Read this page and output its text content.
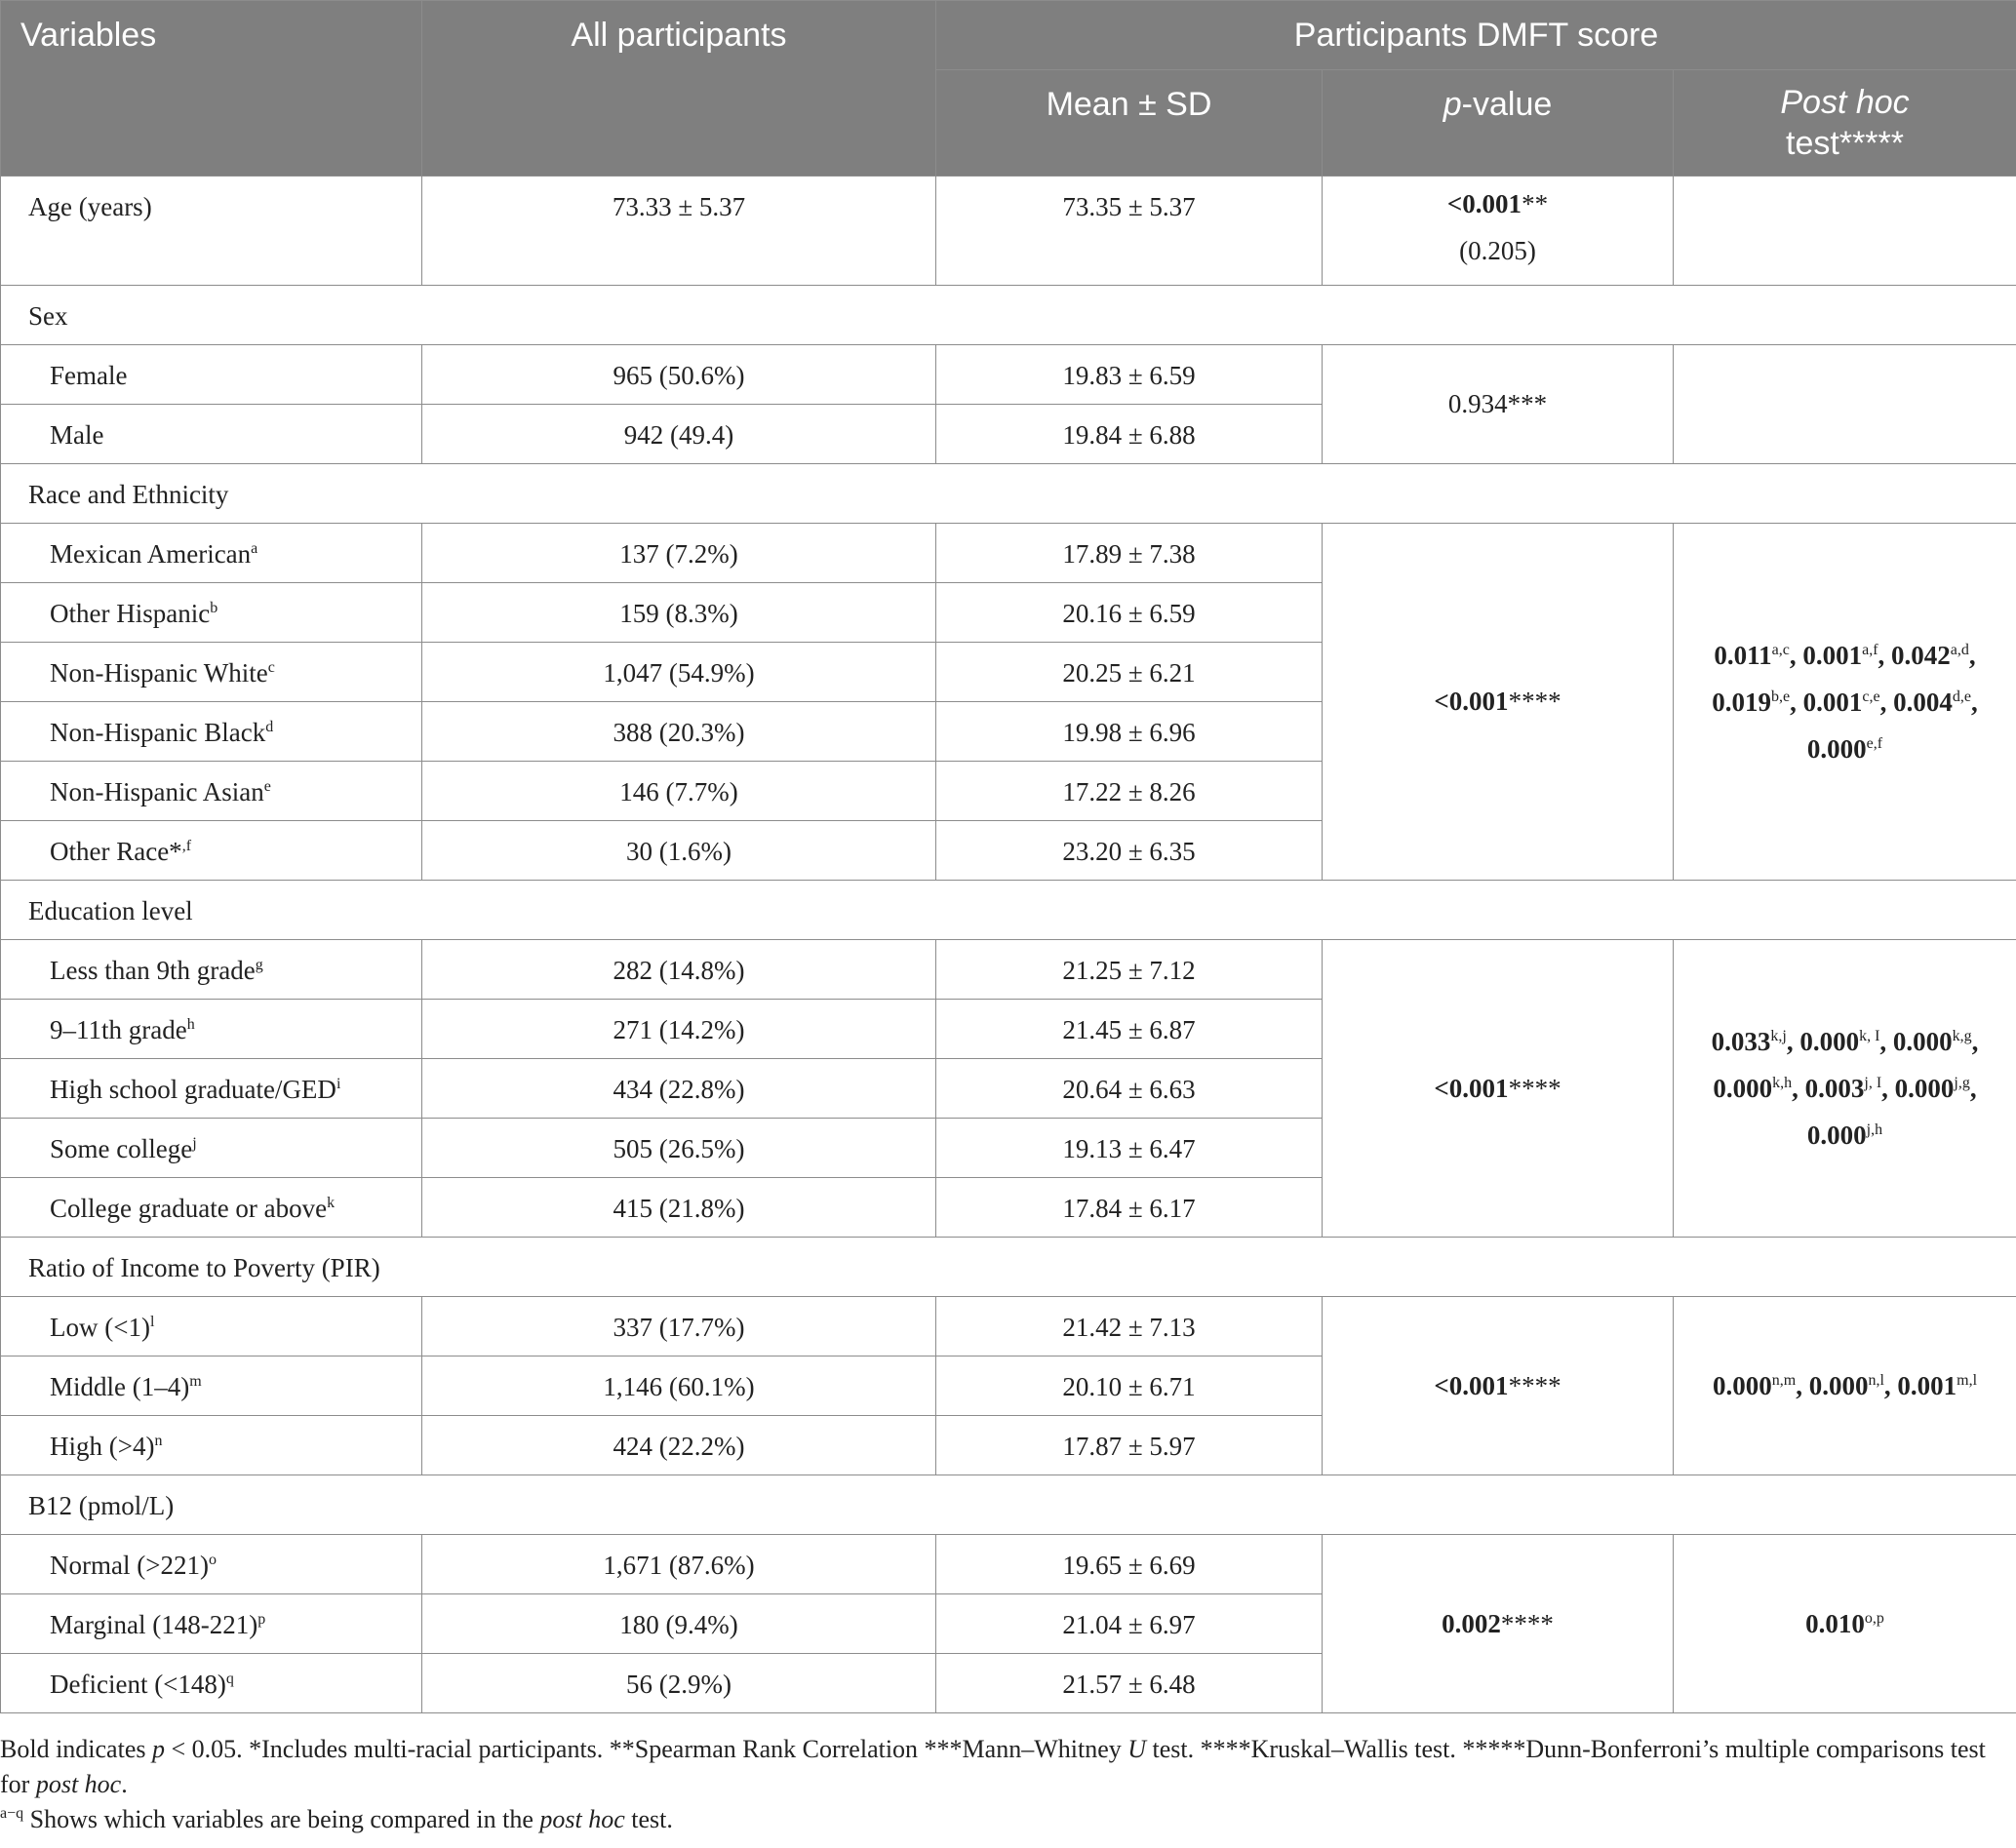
Variables	All participants	Participants DMFT score		
		Mean ± SD	p-value	Post hoc
test*****
Age (years)	73.33 ± 5.37	73.35 ± 5.37	<0.001**
(0.205)	
Sex				
Female	965 (50.6%)	19.83 ± 6.59	0.934***	
Male	942 (49.4)	19.84 ± 6.88		
Race and Ethnicity				
Mexican American$^a$	137 (7.2%)	17.89 ± 7.38	<0.001****	0.011$^{a,c}$, 0.001$^{a,f}$, 0.042$^{a,d}$,
0.019$^{b,e}$, 0.001$^{c,e}$, 0.004$^{d,e}$,
0.000$^{e,f}$
Other Hispanic$^b$	159 (8.3%)	20.16 ± 6.59		
Non-Hispanic White$^c$	1,047 (54.9%)	20.25 ± 6.21		
Non-Hispanic Black$^d$	388 (20.3%)	19.98 ± 6.96		
Non-Hispanic Asian$^e$	146 (7.7%)	17.22 ± 8.26		
Other Race*$^{,f}$	30 (1.6%)	23.20 ± 6.35		
Education level				
Less than 9th grade$^g$	282 (14.8%)	21.25 ± 7.12	<0.001****	0.033$^{k,j}$, $0.000^{k, I}$, 0.000$^{k,g}$,
0.000$^{k,h}$, $0.003^{j, I}$, 0.000$^{j,g}$,
0.000$^{j,h}$
9–11th grade$^h$	271 (14.2%)	21.45 ± 6.87		
High school graduate/GED$^i$	434 (22.8%)	20.64 ± 6.63		
Some college$^j$	505 (26.5%)	19.13 ± 6.47		
College graduate or above$^k$	415 (21.8%)	17.84 ± 6.17		
Ratio of Income to Poverty (PIR)				
Low (<1)$^l$	337 (17.7%)	21.42 ± 7.13	<0.001****	0.000$^{n,m}$, 0.000$^{n,l}$, 0.001$^{m,l}$
Middle $(1-4)^m$	1,146 (60.1%)	20.10 ± 6.71		
High (>4)$^n$	424 (22.2%)	17.87 ± 5.97		
B12 (pmol/L)				
Normal (>221)$^o$	1,671 (87.6%)	19.65 ± 6.69	0.002****	0.010$^{o,p}$
Marginal $(148-221)^p$	180 (9.4%)	21.04 ± 6.97		
Deficient (<148)$^q$	56 (2.9%)	21.57 ± 6.48		

Bold indicates p < 0.05. *Includes multi-racial participants. **Spearman Rank Correlation ***Mann–Whitney U test. ****Kruskal–Wallis test. *****Dunn-Bonferroni’s multiple comparisons test for post hoc.

$^{a-q}$ Shows which variables are being compared in the post hoc test.
